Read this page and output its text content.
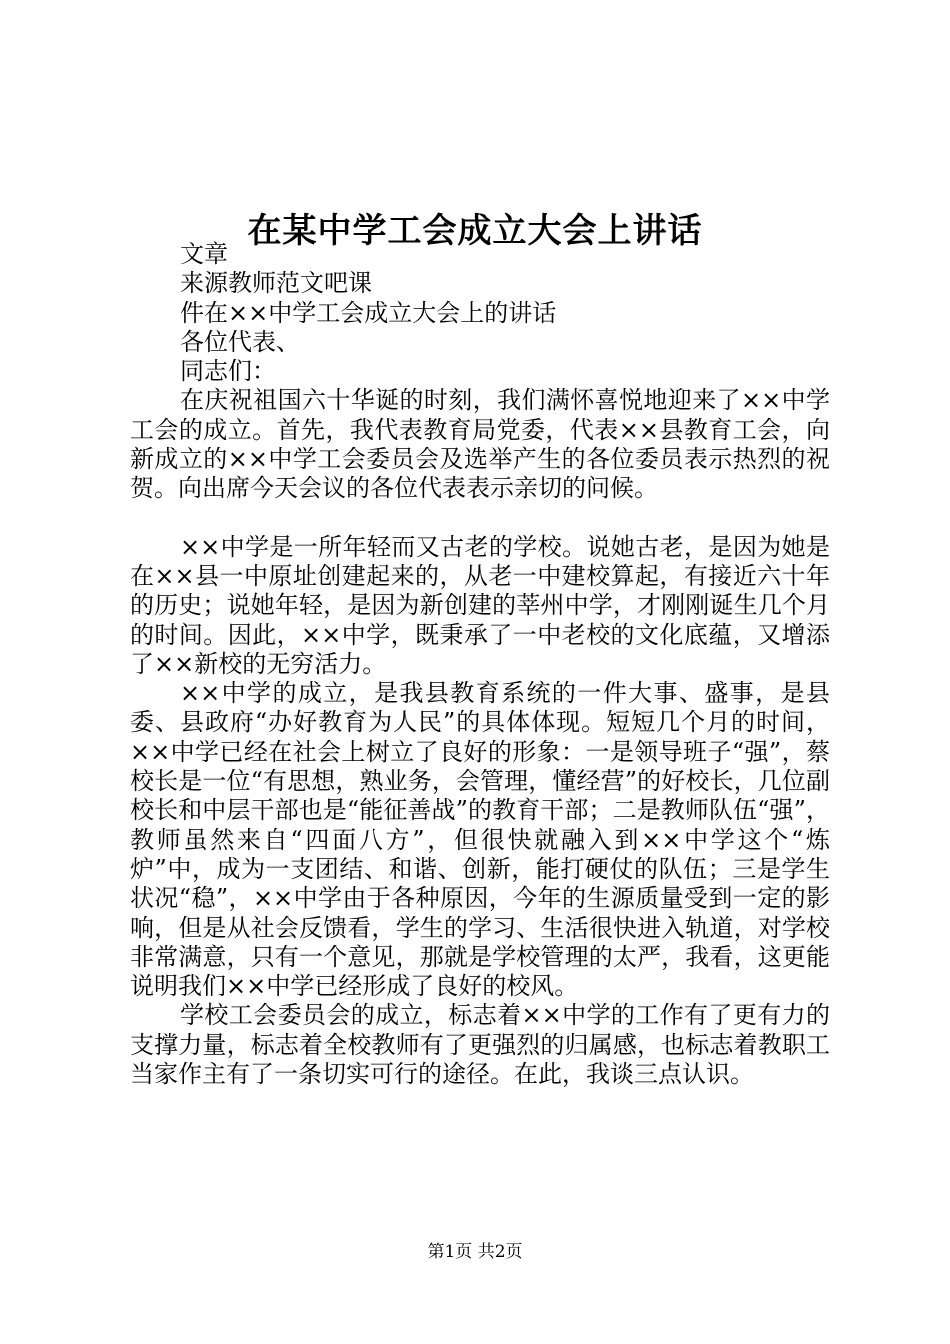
在某中学工会成立大会上讲话

文章

来源教师范文吧课

件在××中学工会成立大会上的讲话

各位代表、

同志们：

在庆祝祖国六十华诞的时刻，我们满怀喜悦地迎来了××中学工会的成立。首先，我代表教育局党委，代表××县教育工会，向新成立的××中学工会委员会及选举产生的各位委员表示热烈的祝贺。向出席今天会议的各位代表表示亲切的问候。

××中学是一所年轻而又古老的学校。说她古老，是因为她是在××县一中原址创建起来的，从老一中建校算起，有接近六十年的历史；说她年轻，是因为新创建的莘州中学，才刚刚诞生几个月的时间。因此，××中学，既秉承了一中老校的文化底蕴，又增添了××新校的无穷活力。

××中学的成立，是我县教育系统的一件大事、盛事，是县委、县政府“办好教育为人民”的具体体现。短短几个月的时间，××中学已经在社会上树立了良好的形象：一是领导班子“强”，蔡校长是一位“有思想，熟业务，会管理，懂经营”的好校长，几位副校长和中层干部也是“能征善战”的教育干部；二是教师队伍“强”，教师虽然来自“四面八方”，但很快就融入到××中学这个“炼炉”中，成为一支团结、和谐、创新，能打硬仗的队伍；三是学生状况“稳”，××中学由于各种原因，今年的生源质量受到一定的影响，但是从社会反馈看，学生的学习、生活很快进入轨道，对学校非常满意，只有一个意见，那就是学校管理的太严，我看，这更能说明我们××中学已经形成了良好的校风。

学校工会委员会的成立，标志着××中学的工作有了更有力的支撑力量，标志着全校教师有了更强烈的归属感，也标志着教职工当家作主有了一条切实可行的途径。在此，我谈三点认识。

第1页 共2页
